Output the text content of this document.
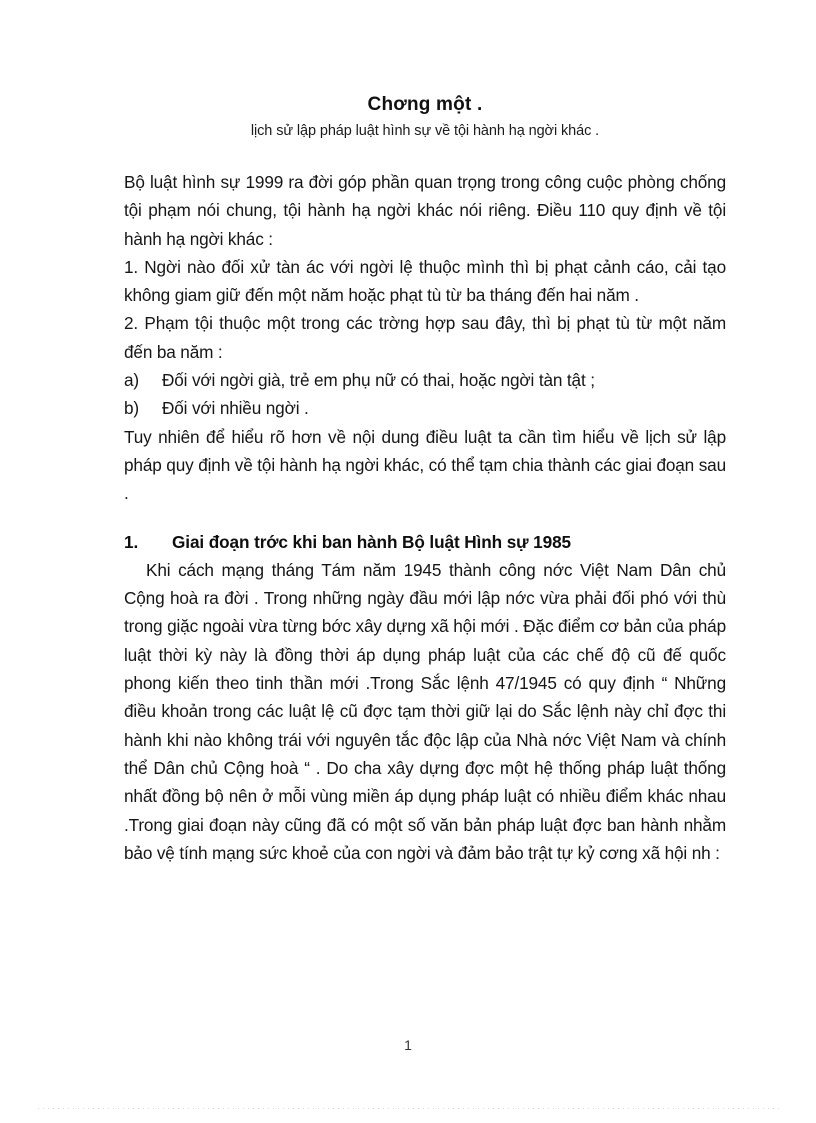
Chơng một .
lịch sử lập pháp luật hình sự về tội hành hạ ngời khác .

Bộ luật hình sự 1999 ra đời góp phần quan trọng trong công cuộc phòng chống tội phạm nói chung, tội hành hạ ngời khác nói riêng. Điều 110 quy định về tội hành hạ ngời khác :

1. Ngời nào đối xử tàn ác với ngời lệ thuộc mình thì bị phạt cảnh cáo, cải tạo không giam giữ đến một năm hoặc phạt tù từ ba tháng đến hai năm .

2. Phạm tội thuộc một trong các trờng hợp sau đây, thì bị phạt tù từ một năm đến ba năm :

a) Đối với ngời già, trẻ em phụ nữ có thai, hoặc ngời tàn tật ;

b) Đối với nhiều ngời .

Tuy nhiên để hiểu rõ hơn về nội dung điều luật ta cần tìm hiểu về lịch sử lập pháp quy định về tội hành hạ ngời khác, có thể tạm chia thành các giai đoạn sau .

1. Giai đoạn trớc khi ban hành Bộ luật Hình sự 1985

Khi cách mạng tháng Tám năm 1945 thành công nớc Việt Nam Dân chủ Cộng hoà ra đời . Trong những ngày đầu mới lập nớc vừa phải đối phó với thù trong giặc ngoài vừa từng bớc xây dựng xã hội mới . Đặc điểm cơ bản của pháp luật thời kỳ này là đồng thời áp dụng pháp luật của các chế độ cũ đế quốc phong kiến theo tinh thần mới .Trong Sắc lệnh 47/1945 có quy định “ Những điều khoản trong các luật lệ cũ đợc tạm thời giữ lại do Sắc lệnh này chỉ đợc thi hành khi nào không trái với nguyên tắc độc lập của Nhà nớc Việt Nam và chính thể Dân chủ Cộng hoà “ . Do cha xây dựng đợc một hệ thống pháp luật thống nhất đồng bộ nên ở mỗi vùng miền áp dụng pháp luật có nhiều điểm khác nhau .Trong giai đoạn này cũng đã có một số văn bản pháp luật đợc ban hành nhằm bảo vệ tính mạng sức khoẻ của con ngời và đảm bảo trật tự kỷ cơng xã hội nh :

1
